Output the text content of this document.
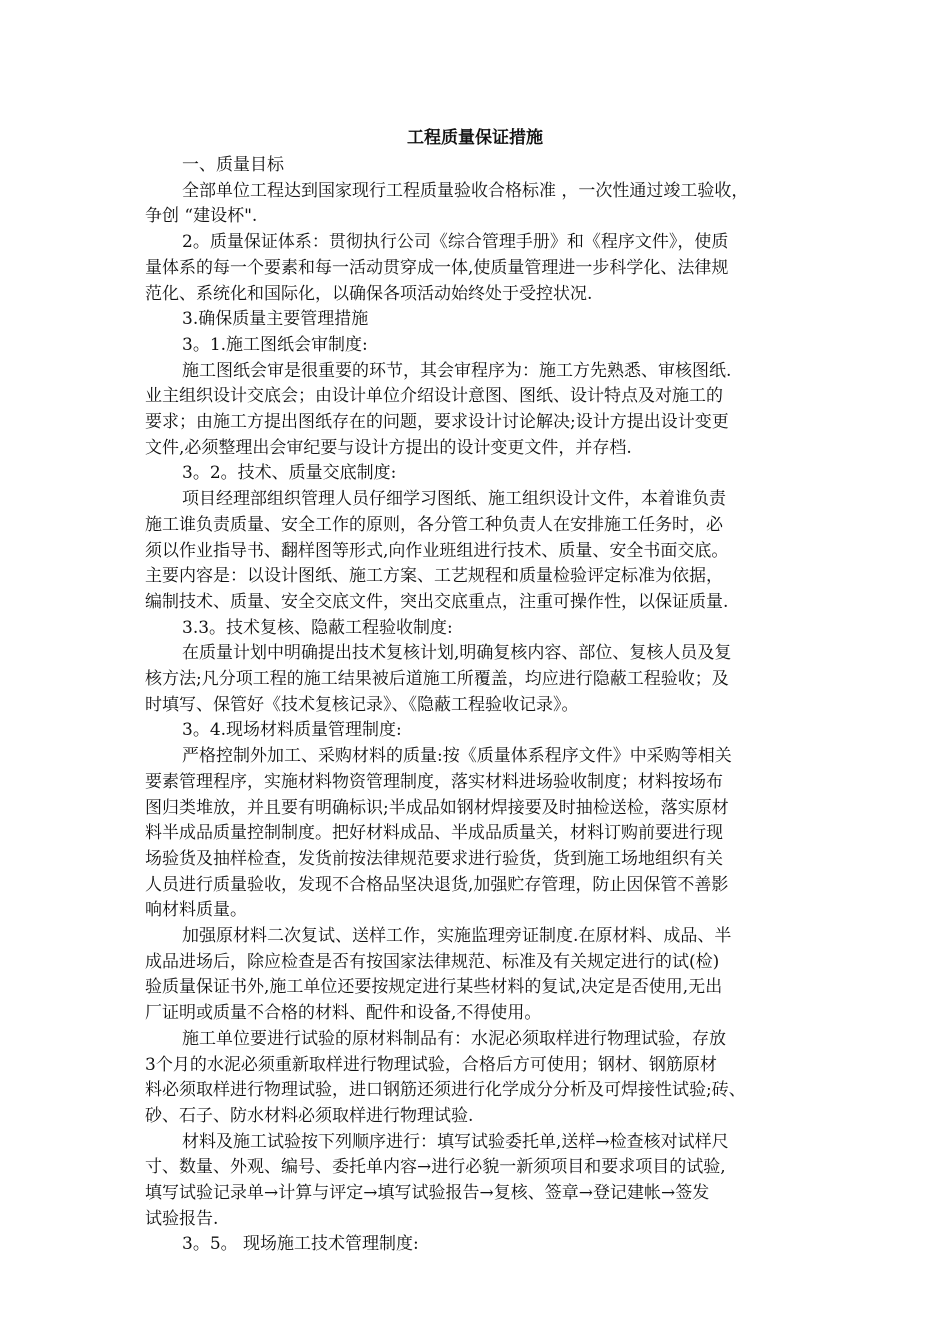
工程质量保证措施
一、质量目标
全部单位工程达到国家现行工程质量验收合格标准 ，一次性通过竣工验收，
争创 “建设杯".
2。质量保证体系：贯彻执行公司《综合管理手册》和《程序文件》，使质
量体系的每一个要素和每一活动贯穿成一体,使质量管理进一步科学化、法律规
范化、系统化和国际化，以确保各项活动始终处于受控状况.
3.确保质量主要管理措施
3。1.施工图纸会审制度:
施工图纸会审是很重要的环节，其会审程序为：施工方先熟悉、审核图纸.
业主组织设计交底会；由设计单位介绍设计意图、图纸、设计特点及对施工的
要求；由施工方提出图纸存在的问题，要求设计讨论解决;设计方提出设计变更
文件,必须整理出会审纪要与设计方提出的设计变更文件，并存档.
3。2。技术、质量交底制度:
项目经理部组织管理人员仔细学习图纸、施工组织设计文件，本着谁负责
施工谁负责质量、安全工作的原则，各分管工种负责人在安排施工任务时，必
须以作业指导书、翻样图等形式,向作业班组进行技术、质量、安全书面交底。
主要内容是：以设计图纸、施工方案、工艺规程和质量检验评定标准为依据，
编制技术、质量、安全交底文件，突出交底重点，注重可操作性，以保证质量.
3.3。技术复核、隐蔽工程验收制度:
在质量计划中明确提出技术复核计划,明确复核内容、部位、复核人员及复
核方法;凡分项工程的施工结果被后道施工所覆盖，均应进行隐蔽工程验收；及
时填写、保管好《技术复核记录》、《隐蔽工程验收记录》。
3。4.现场材料质量管理制度:
严格控制外加工、采购材料的质量:按《质量体系程序文件》中采购等相关
要素管理程序，实施材料物资管理制度，落实材料进场验收制度；材料按场布
图归类堆放，并且要有明确标识;半成品如钢材焊接要及时抽检送检，落实原材
料半成品质量控制制度。把好材料成品、半成品质量关，材料订购前要进行现
场验货及抽样检查，发货前按法律规范要求进行验货，货到施工场地组织有关
人员进行质量验收，发现不合格品坚决退货,加强贮存管理，防止因保管不善影
响材料质量。
加强原材料二次复试、送样工作，实施监理旁证制度.在原材料、成品、半
成品进场后，除应检查是否有按国家法律规范、标准及有关规定进行的试(检)
验质量保证书外,施工单位还要按规定进行某些材料的复试,决定是否使用,无出
厂证明或质量不合格的材料、配件和设备,不得使用。
施工单位要进行试验的原材料制品有：水泥必须取样进行物理试验，存放
3个月的水泥必须重新取样进行物理试验，合格后方可使用；钢材、钢筋原材
料必须取样进行物理试验，进口钢筋还须进行化学成分分析及可焊接性试验;砖、
砂、石子、防水材料必须取样进行物理试验.
材料及施工试验按下列顺序进行：填写试验委托单,送样→检查核对试样尺
寸、数量、外观、编号、委托单内容→进行必貌一新须项目和要求项目的试验,
填写试验记录单→计算与评定→填写试验报告→复核、签章→登记建帐→签发
试验报告.
3。5。 现场施工技术管理制度:
